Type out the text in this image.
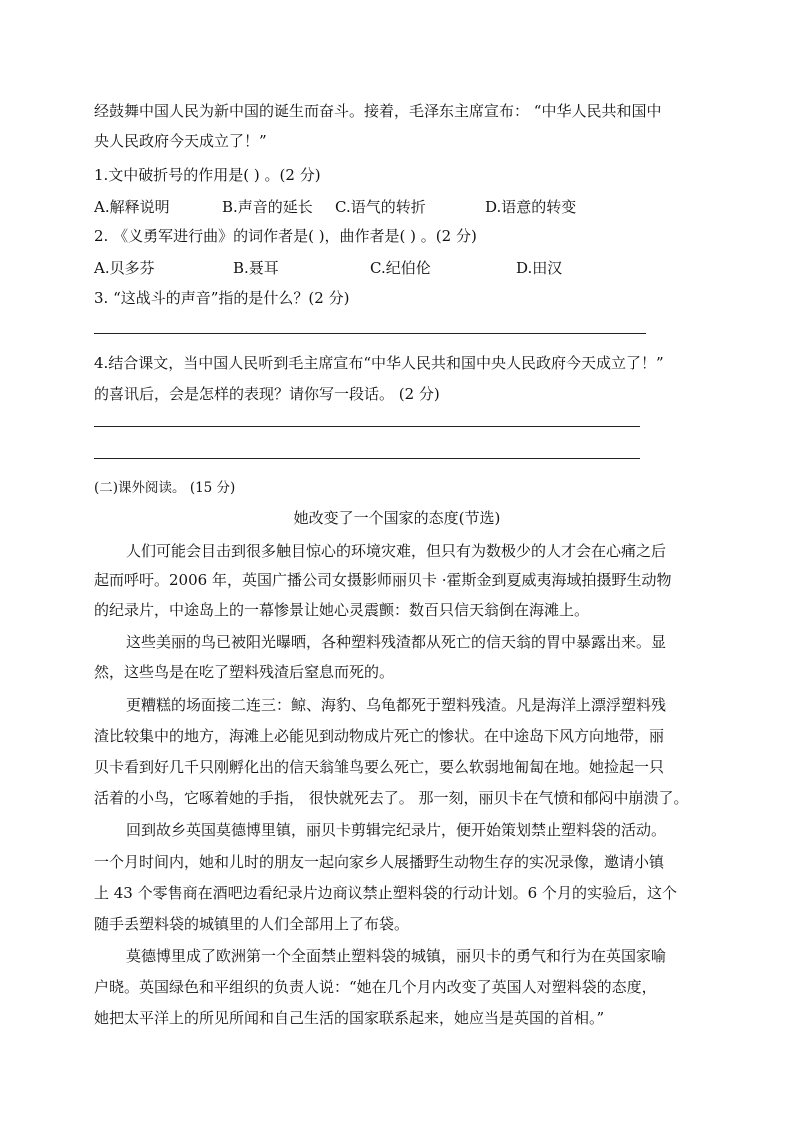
经鼓舞中国人民为新中国的诞生而奋斗。接着，毛泽东主席宣布： “中华人民共和国中
央人民政府今天成立了！”
1.文中破折号的作用是( ) 。(2 分)
A.解释说明	B.声音的延长 C.语气的转折	D.语意的转变
2. 《义勇军进行曲》的词作者是( )，曲作者是( ) 。(2 分)
A.贝多芬	B.聂耳	C.纪伯伦	D.田汉
3. “这战斗的声音”指的是什么？(2 分)
4.结合课文，当中国人民听到毛主席宣布“中华人民共和国中央人民政府今天成立了！”
的喜讯后，会是怎样的表现？请你写一段话。 (2 分)
(二)课外阅读。 (15 分)
她改变了一个国家的态度(节选)
人们可能会目击到很多触目惊心的环境灾难，但只有为数极少的人才会在心痛之后
起而呼吁。2006 年，英国广播公司女摄影师丽贝卡 ·霍斯金到夏威夷海域拍摄野生动物
的纪录片，中途岛上的一幕惨景让她心灵震颤：数百只信天翁倒在海滩上。
这些美丽的鸟已被阳光曝晒，各种塑料残渣都从死亡的信天翁的胃中暴露出来。显
然，这些鸟是在吃了塑料残渣后窒息而死的。
更糟糕的场面接二连三：鲸、海豹、乌龟都死于塑料残渣。凡是海洋上漂浮塑料残
渣比较集中的地方，海滩上必能见到动物成片死亡的惨状。在中途岛下风方向地带，丽
贝卡看到好几千只刚孵化出的信天翁雏鸟要么死亡，要么软弱地匍匐在地。她捡起一只
活着的小鸟，它啄着她的手指， 很快就死去了。 那一刻，丽贝卡在气愤和郁闷中崩溃了。
回到故乡英国莫德博里镇，丽贝卡剪辑完纪录片，便开始策划禁止塑料袋的活动。
一个月时间内，她和儿时的朋友一起向家乡人展播野生动物生存的实况录像，邀请小镇
上 43 个零售商在酒吧边看纪录片边商议禁止塑料袋的行动计划。6 个月的实验后，这个
随手丢塑料袋的城镇里的人们全部用上了布袋。
莫德博里成了欧洲第一个全面禁止塑料袋的城镇，丽贝卡的勇气和行为在英国家喻
户晓。英国绿色和平组织的负责人说：“她在几个月内改变了英国人对塑料袋的态度，
她把太平洋上的所见所闻和自己生活的国家联系起来，她应当是英国的首相。”
